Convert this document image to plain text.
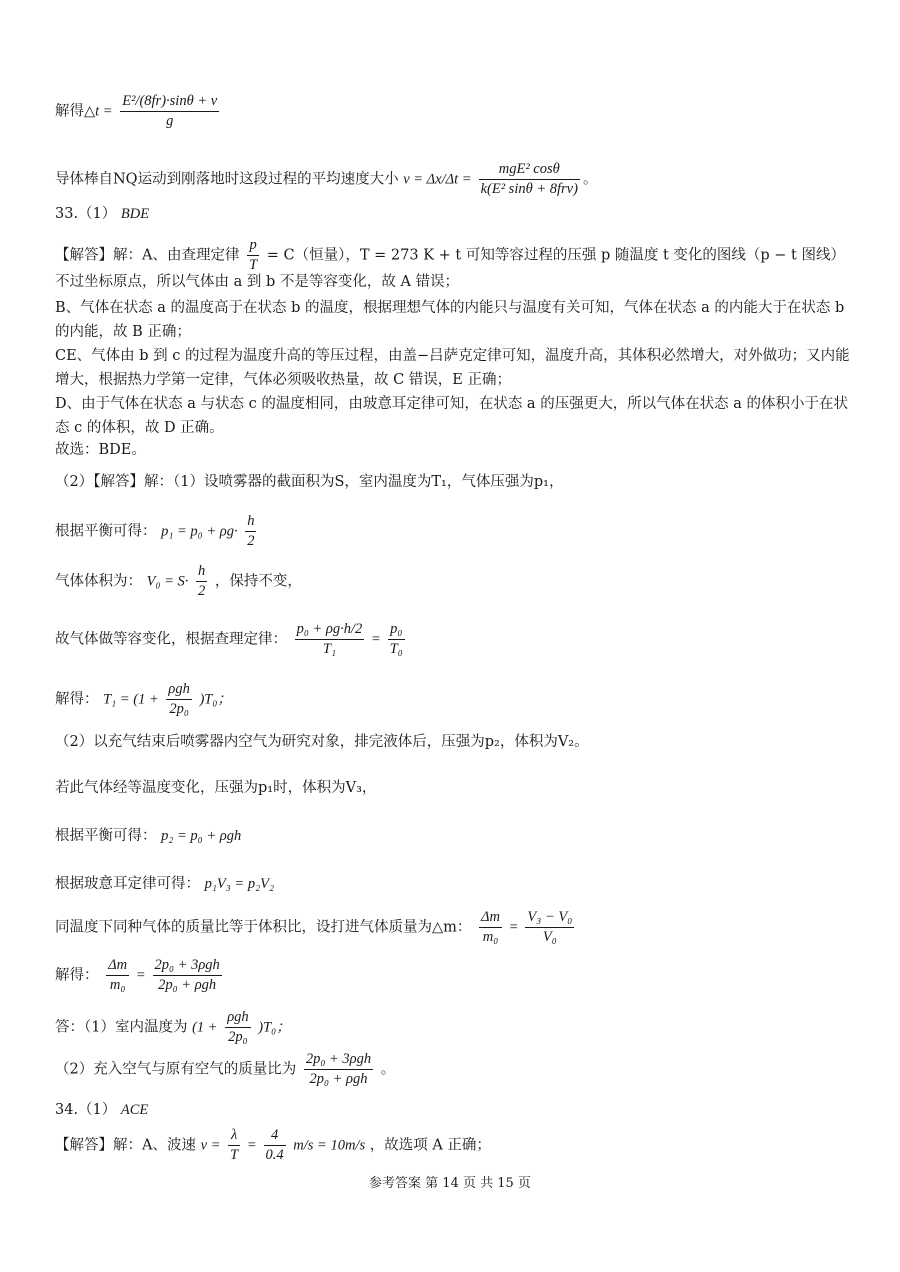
解得△t = $\frac{\text{E²/(8fr)·sinθ + v}}{g}$
导体棒自NQ运动到刚落地时这段过程的平均速度大小 $v = \Delta x/\Delta t = \frac{\text{mgE² cosθ}}{\text{k(E² sinθ + 8frv)}}$ 。
33.（1） BDE
【解答】解：A、由查理定律 $\frac{p}{T} = C$（恒量），T = 273 K + t 可知等容过程的压强 p 随温度 t 变化的图线（p − t 图线）
不过坐标原点，所以气体由 a 到 b 不是等容变化，故 A 错误；
B、气体在状态 a 的温度高于在状态 b 的温度，根据理想气体的内能只与温度有关可知，气体在状态 a 的内能大于在状态 b 的内能，故 B 正确；
CE、气体由 b 到 c 的过程为温度升高的等压过程，由盖−吕萨克定律可知，温度升高，其体积必然增大，对外做功；又内能增大，根据热力学第一定律，气体必须吸收热量，故 C 错误，E 正确；
D、由于气体在状态 a 与状态 c 的温度相同，由玻意耳定律可知，在状态 a 的压强更大，所以气体在状态 a 的体积小于在状态 c 的体积，故 D 正确。
故选：BDE。
（2）【解答】解：（1）设喷雾器的截面积为S，室内温度为T₁，气体压强为p₁，
根据平衡可得： $p_1 = p_0 + \rho g\cdot \frac{h}{2}$
气体体积为： $V_0 = S\cdot \frac{h}{2}$ ，保持不变，
故气体做等容变化，根据查理定律： $\frac{\text{p₀ + ρg·h/2}}{\text{T₁}} = \frac{\text{p₀}}{\text{T₀}}$
解得： $T_1 = (1 + \frac{\text{ρgh}}{\text{2p₀}} )T_0$；
（2）以充气结束后喷雾器内空气为研究对象，排完液体后，压强为p₂，体积为V₂。
若此气体经等温度变化，压强为p₁时，体积为V₃，
根据平衡可得： p₂ = p₀ + ρgh
根据玻意耳定律可得： p₁V₃ = p₂V₂
同温度下同种气体的质量比等于体积比，设打进气体质量为△m： $\frac{\Delta m}{\text{m₀}} = \frac{\text{V₃ − V₀}}{\text{V₀}}$
解得： $\frac{\Delta m}{\text{m₀}} = \frac{\text{2p₀ + 3ρgh}}{\text{2p₀ + ρgh}}$
答：（1）室内温度为 $(1 + \frac{\text{ρgh}}{\text{2p₀}} )T_0$；
（2）充入空气与原有空气的质量比为 $\frac{\text{2p₀ + 3ρgh}}{\text{2p₀ + ρgh}}$ 。
34.（1） ACE
【解答】解：A、波速 $v = \frac{\lambda}{T} = \frac{4}{0.4} m/s = 10m/s$ ，故选项 A 正确；
参考答案 第 14 页 共 15 页
